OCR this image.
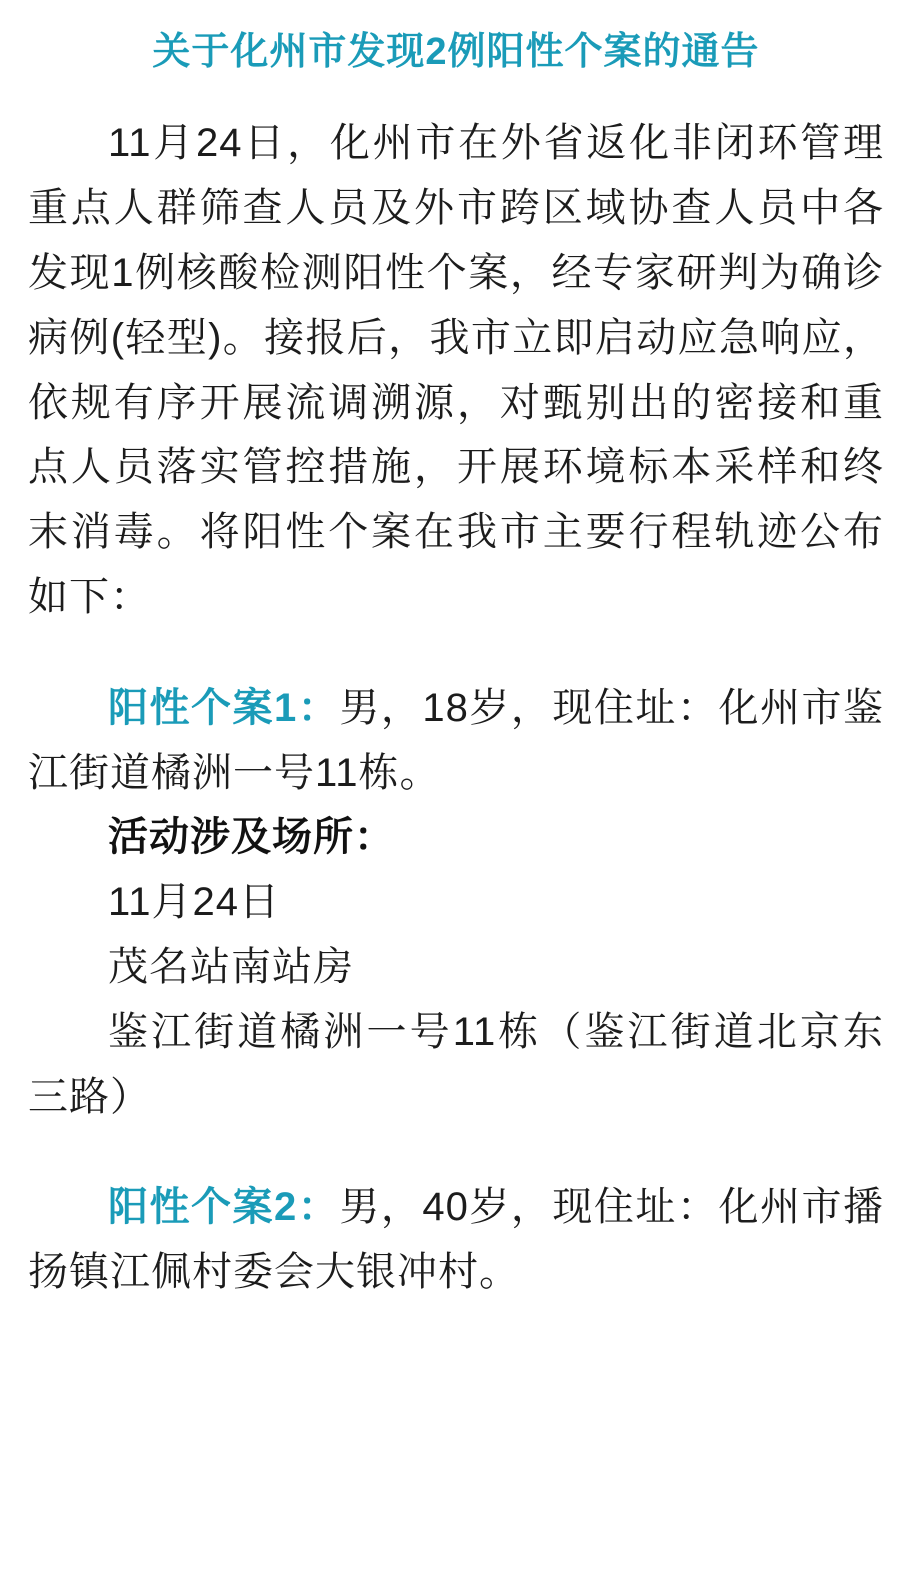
关于化州市发现2例阳性个案的通告

11月24日，化州市在外省返化非闭环管理重点人群筛查人员及外市跨区域协查人员中各发现1例核酸检测阳性个案，经专家研判为确诊病例(轻型)。接报后，我市立即启动应急响应，依规有序开展流调溯源，对甄别出的密接和重点人员落实管控措施，开展环境标本采样和终末消毒。将阳性个案在我市主要行程轨迹公布如下：

阳性个案1：男，18岁，现住址：化州市鉴江街道橘洲一号11栋。

活动涉及场所：

11月24日

茂名站南站房

鉴江街道橘洲一号11栋（鉴江街道北京东三路）

阳性个案2：男，40岁，现住址：化州市播扬镇江佩村委会大银冲村。
